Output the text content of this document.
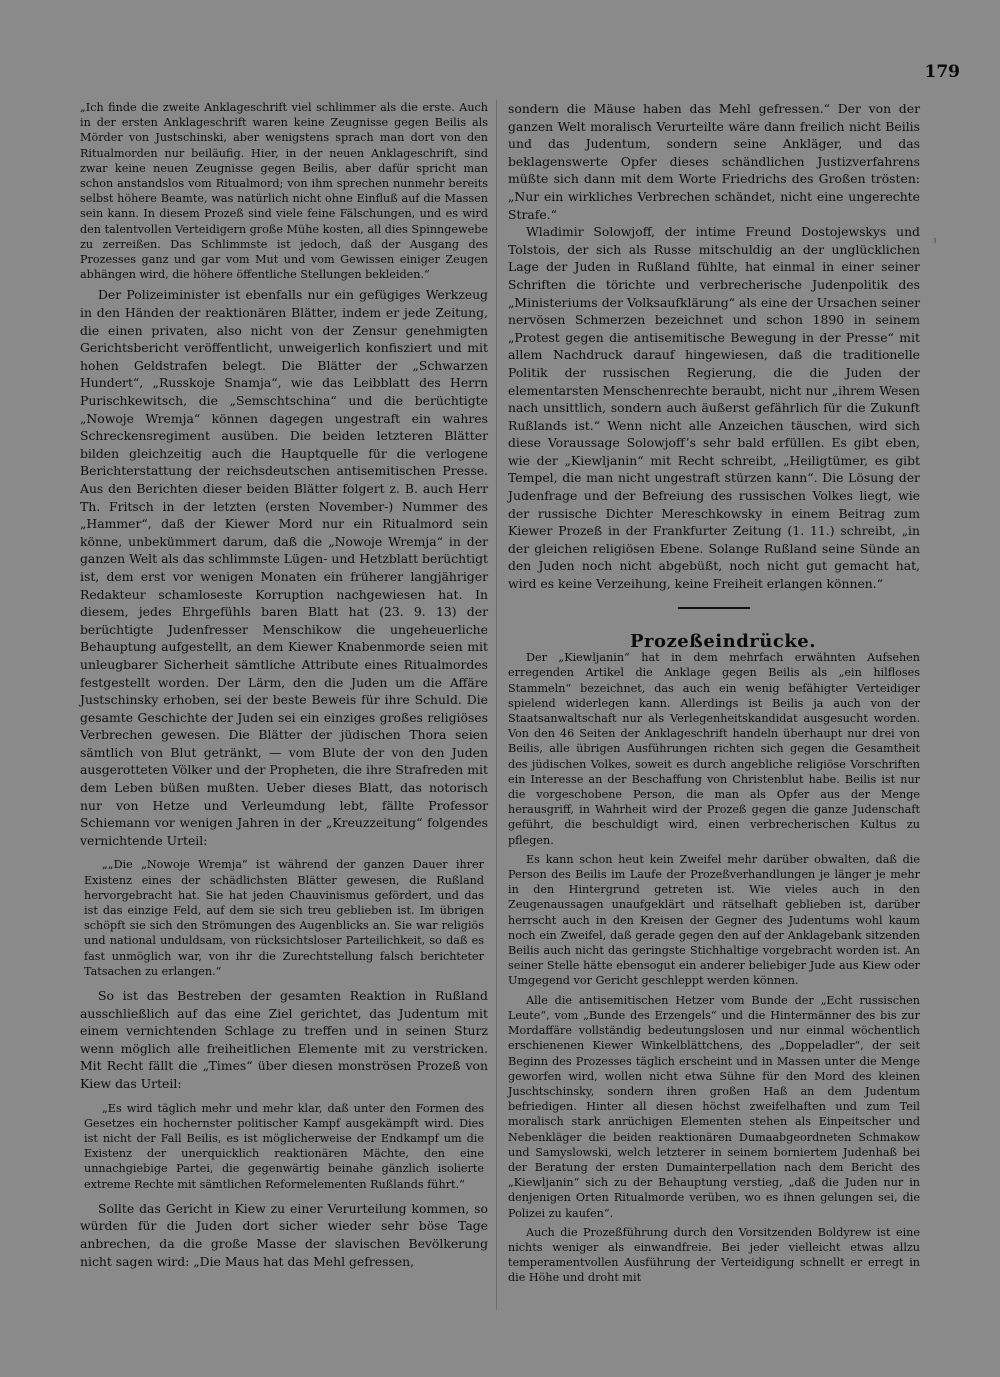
179
ˡ

„Ich finde die zweite Anklageschrift viel schlimmer als die erste. Auch in der ersten Anklageschrift waren keine Zeugnisse gegen Beilis als Mörder von Justschinski, aber wenigstens sprach man dort von den Ritualmorden nur beiläufig. Hier, in der neuen Anklageschrift, sind zwar keine neuen Zeugnisse gegen Beilis, aber dafür spricht man schon anstandslos vom Ritualmord; von ihm sprechen nunmehr bereits selbst höhere Beamte, was natürlich nicht ohne Einfluß auf die Massen sein kann. In diesem Prozeß sind viele feine Fälschungen, und es wird den talentvollen Verteidigern große Mühe kosten, all dies Spinngewebe zu zerreißen. Das Schlimmste ist jedoch, daß der Ausgang des Prozesses ganz und gar vom Mut und vom Gewissen einiger Zeugen abhängen wird, die höhere öffentliche Stellungen bekleiden.“

Der Polizeiminister ist ebenfalls nur ein gefügiges Werkzeug in den Händen der reaktionären Blätter, indem er jede Zeitung, die einen privaten, also nicht von der Zensur genehmigten Gerichtsbericht veröffentlicht, unweigerlich konfisziert und mit hohen Geldstrafen belegt. Die Blätter der „Schwarzen Hundert“, „Russkoje Snamja“, wie das Leibblatt des Herrn Purischkewitsch, die „Semschtschina“ und die berüchtigte „Nowoje Wremja“ können dagegen ungestraft ein wahres Schreckensregiment ausüben. Die beiden letzteren Blätter bilden gleichzeitig auch die Hauptquelle für die verlogene Berichterstattung der reichsdeutschen antisemitischen Presse. Aus den Berichten dieser beiden Blätter folgert z. B. auch Herr Th. Fritsch in der letzten (ersten November-) Nummer des „Hammer“, daß der Kiewer Mord nur ein Ritualmord sein könne, unbekümmert darum, daß die „Nowoje Wremja“ in der ganzen Welt als das schlimmste Lügen- und Hetzblatt berüchtigt ist, dem erst vor wenigen Monaten ein früherer langjähriger Redakteur schamloseste Korruption nachgewiesen hat. In diesem, jedes Ehrgefühls baren Blatt hat (23. 9. 13) der berüchtigte Judenfresser Menschikow die ungeheuerliche Behauptung aufgestellt, an dem Kiewer Knabenmorde seien mit unleugbarer Sicherheit sämtliche Attribute eines Ritualmordes festgestellt worden. Der Lärm, den die Juden um die Affäre Justschinsky erhoben, sei der beste Beweis für ihre Schuld. Die gesamte Geschichte der Juden sei ein einziges großes religiöses Verbrechen gewesen. Die Blätter der jüdischen Thora seien sämtlich von Blut getränkt, — vom Blute der von den Juden ausgerotteten Völker und der Propheten, die ihre Strafreden mit dem Leben büßen mußten. Ueber dieses Blatt, das notorisch nur von Hetze und Verleumdung lebt, fällte Professor Schiemann vor wenigen Jahren in der „Kreuzzeitung“ folgendes vernichtende Urteil:

„„Die „Nowoje Wremja“ ist während der ganzen Dauer ihrer Existenz eines der schädlichsten Blätter gewesen, die Rußland hervorgebracht hat. Sie hat jeden Chauvinismus gefördert, und das ist das einzige Feld, auf dem sie sich treu geblieben ist. Im übrigen schöpft sie sich den Strömungen des Augenblicks an. Sie war religiös und national unduldsam, von rücksichtsloser Parteilichkeit, so daß es fast unmöglich war, von ihr die Zurechtstellung falsch berichteter Tatsachen zu erlangen.“

So ist das Bestreben der gesamten Reaktion in Rußland ausschließlich auf das eine Ziel gerichtet, das Judentum mit einem vernichtenden Schlage zu treffen und in seinen Sturz wenn möglich alle freiheitlichen Elemente mit zu verstricken. Mit Recht fällt die „Times“ über diesen monströsen Prozeß von Kiew das Urteil:

„Es wird täglich mehr und mehr klar, daß unter den Formen des Gesetzes ein hochernster politischer Kampf ausgekämpft wird. Dies ist nicht der Fall Beilis, es ist möglicherweise der Endkampf um die Existenz der unerquicklich reaktionären Mächte, den eine unnachgiebige Partei, die gegenwärtig beinahe gänzlich isolierte extreme Rechte mit sämtlichen Reformelementen Rußlands führt.“

Sollte das Gericht in Kiew zu einer Verurteilung kommen, so würden für die Juden dort sicher wieder sehr böse Tage anbrechen, da die große Masse der slavischen Bevölkerung nicht sagen wird: „Die Maus hat das Mehl gefressen,

sondern die Mäuse haben das Mehl gefressen.“ Der von der ganzen Welt moralisch Verurteilte wäre dann freilich nicht Beilis und das Judentum, sondern seine Ankläger, und das beklagenswerte Opfer dieses schändlichen Justizverfahrens müßte sich dann mit dem Worte Friedrichs des Großen trösten: „Nur ein wirkliches Verbrechen schändet, nicht eine ungerechte Strafe.“

Wladimir Solowjoff, der intime Freund Dostojewskys und Tolstois, der sich als Russe mitschuldig an der unglücklichen Lage der Juden in Rußland fühlte, hat einmal in einer seiner Schriften die törichte und verbrecherische Judenpolitik des „Ministeriums der Volksaufklärung“ als eine der Ursachen seiner nervösen Schmerzen bezeichnet und schon 1890 in seinem „Protest gegen die antisemitische Bewegung in der Presse“ mit allem Nachdruck darauf hingewiesen, daß die traditionelle Politik der russischen Regierung, die die Juden der elementarsten Menschenrechte beraubt, nicht nur „ihrem Wesen nach unsittlich, sondern auch äußerst gefährlich für die Zukunft Rußlands ist.“ Wenn nicht alle Anzeichen täuschen, wird sich diese Voraussage Solowjoff’s sehr bald erfüllen. Es gibt eben, wie der „Kiewljanin“ mit Recht schreibt, „Heiligtümer, es gibt Tempel, die man nicht ungestraft stürzen kann“. Die Lösung der Judenfrage und der Befreiung des russischen Volkes liegt, wie der russische Dichter Mereschkowsky in einem Beitrag zum Kiewer Prozeß in der Frankfurter Zeitung (1. 11.) schreibt, „in der gleichen religiösen Ebene. Solange Rußland seine Sünde an den Juden noch nicht abgebüßt, noch nicht gut gemacht hat, wird es keine Verzeihung, keine Freiheit erlangen können.“

Prozeßeindrücke.

Der „Kiewljanin“ hat in dem mehrfach erwähnten Aufsehen erregenden Artikel die Anklage gegen Beilis als „ein hilfloses Stammeln“ bezeichnet, das auch ein wenig befähigter Verteidiger spielend widerlegen kann. Allerdings ist Beilis ja auch von der Staatsanwaltschaft nur als Verlegenheitskandidat ausgesucht worden. Von den 46 Seiten der Anklageschrift handeln überhaupt nur drei von Beilis, alle übrigen Ausführungen richten sich gegen die Gesamtheit des jüdischen Volkes, soweit es durch angebliche religiöse Vorschriften ein Interesse an der Beschaffung von Christenblut habe. Beilis ist nur die vorgeschobene Person, die man als Opfer aus der Menge herausgriff, in Wahrheit wird der Prozeß gegen die ganze Judenschaft geführt, die beschuldigt wird, einen verbrecherischen Kultus zu pflegen.

Es kann schon heut kein Zweifel mehr darüber obwalten, daß die Person des Beilis im Laufe der Prozeßverhandlungen je länger je mehr in den Hintergrund getreten ist. Wie vieles auch in den Zeugenaussagen unaufgeklärt und rätselhaft geblieben ist, darüber herrscht auch in den Kreisen der Gegner des Judentums wohl kaum noch ein Zweifel, daß gerade gegen den auf der Anklagebank sitzenden Beilis auch nicht das geringste Stichhaltige vorgebracht worden ist. An seiner Stelle hätte ebensogut ein anderer beliebiger Jude aus Kiew oder Umgegend vor Gericht geschleppt werden können.

Alle die antisemitischen Hetzer vom Bunde der „Echt russischen Leute“, vom „Bunde des Erzengels“ und die Hintermänner des bis zur Mordaffäre vollständig bedeutungslosen und nur einmal wöchentlich erschienenen Kiewer Winkelblättchens, des „Doppeladler“, der seit Beginn des Prozesses täglich erscheint und in Massen unter die Menge geworfen wird, wollen nicht etwa Sühne für den Mord des kleinen Juschtschinsky, sondern ihren großen Haß an dem Judentum befriedigen. Hinter all diesen höchst zweifelhaften und zum Teil moralisch stark anrüchigen Elementen stehen als Einpeitscher und Nebenkläger die beiden reaktionären Dumaabgeordneten Schmakow und Samyslowski, welch letzterer in seinem borniertem Judenhaß bei der Beratung der ersten Dumainterpellation nach dem Bericht des „Kiewljanin“ sich zu der Behauptung verstieg, „daß die Juden nur in denjenigen Orten Ritualmorde verüben, wo es ihnen gelungen sei, die Polizei zu kaufen“.

Auch die Prozeßführung durch den Vorsitzenden Boldyrew ist eine nichts weniger als einwandfreie. Bei jeder vielleicht etwas allzu temperamentvollen Ausführung der Verteidigung schnellt er erregt in die Höhe und droht mit
